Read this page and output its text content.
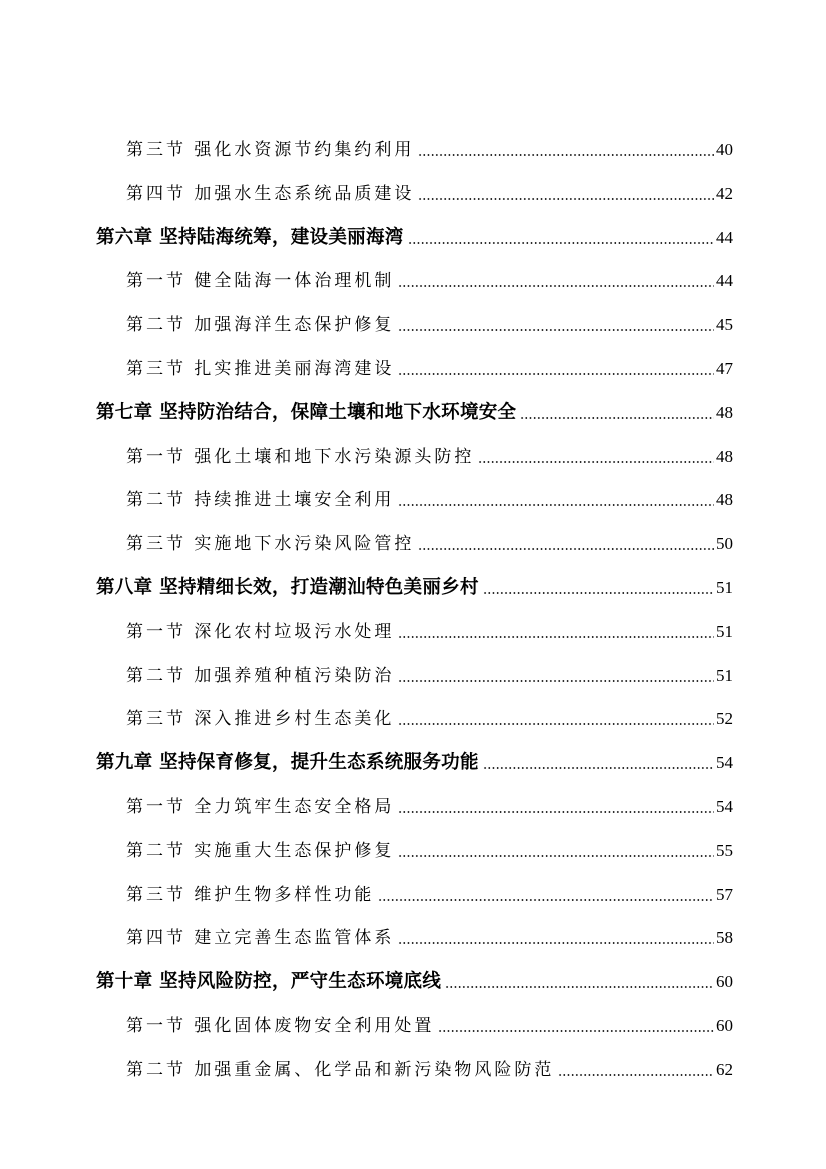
第三节 强化水资源节约集约利用	40
第四节 加强水生态系统品质建设	42
第六章 坚持陆海统筹，建设美丽海湾	44
第一节 健全陆海一体治理机制	44
第二节 加强海洋生态保护修复	45
第三节 扎实推进美丽海湾建设	47
第七章 坚持防治结合，保障土壤和地下水环境安全	48
第一节 强化土壤和地下水污染源头防控	48
第二节 持续推进土壤安全利用	48
第三节 实施地下水污染风险管控	50
第八章 坚持精细长效，打造潮汕特色美丽乡村	51
第一节 深化农村垃圾污水处理	51
第二节 加强养殖种植污染防治	51
第三节 深入推进乡村生态美化	52
第九章 坚持保育修复，提升生态系统服务功能	54
第一节 全力筑牢生态安全格局	54
第二节 实施重大生态保护修复	55
第三节 维护生物多样性功能	57
第四节 建立完善生态监管体系	58
第十章 坚持风险防控，严守生态环境底线	60
第一节 强化固体废物安全利用处置	60
第二节 加强重金属、化学品和新污染物风险防范	62
